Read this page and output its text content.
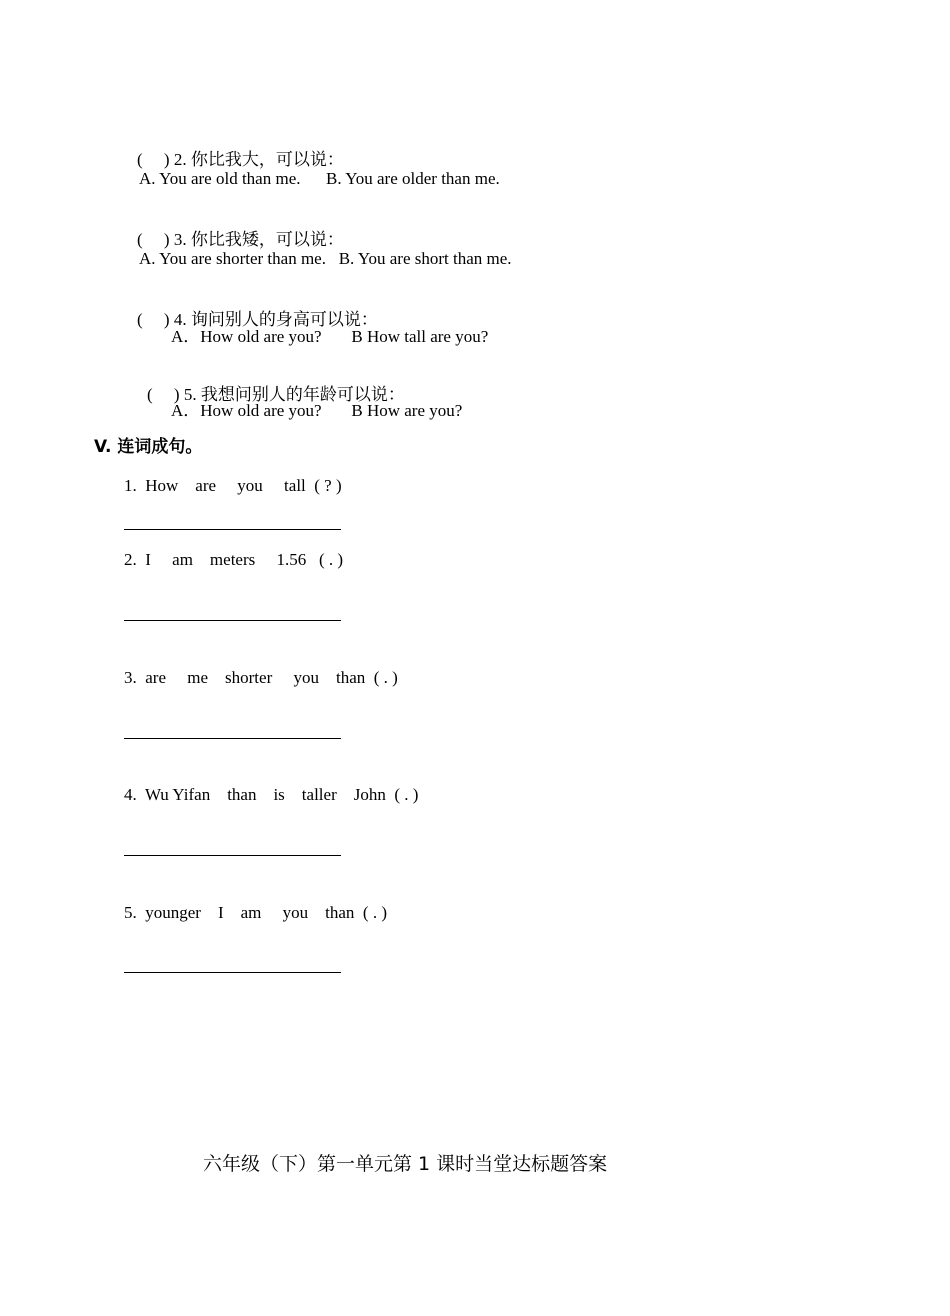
(     ) 2. 你比我大，可以说：

A. You are old than me.      B. You are older than me.

(     ) 3. 你比我矮，可以说：

A. You are shorter than me.   B. You are short than me.

(     ) 4. 询问别人的身高可以说：

A．How old are you?       B How tall are you?

(     ) 5. 我想问别人的年龄可以说：

A．How old are you?       B How are you?
V. 连词成句。
1.  How    are     you     tall  ( ? )
2.  I     am    meters     1.56   ( . )
3.  are     me    shorter     you    than  ( . )
4.  Wu Yifan    than    is    taller    John  ( . )
5.  younger    I    am     you    than  ( . )
六年级（下）第一单元第 1 课时当堂达标题答案
